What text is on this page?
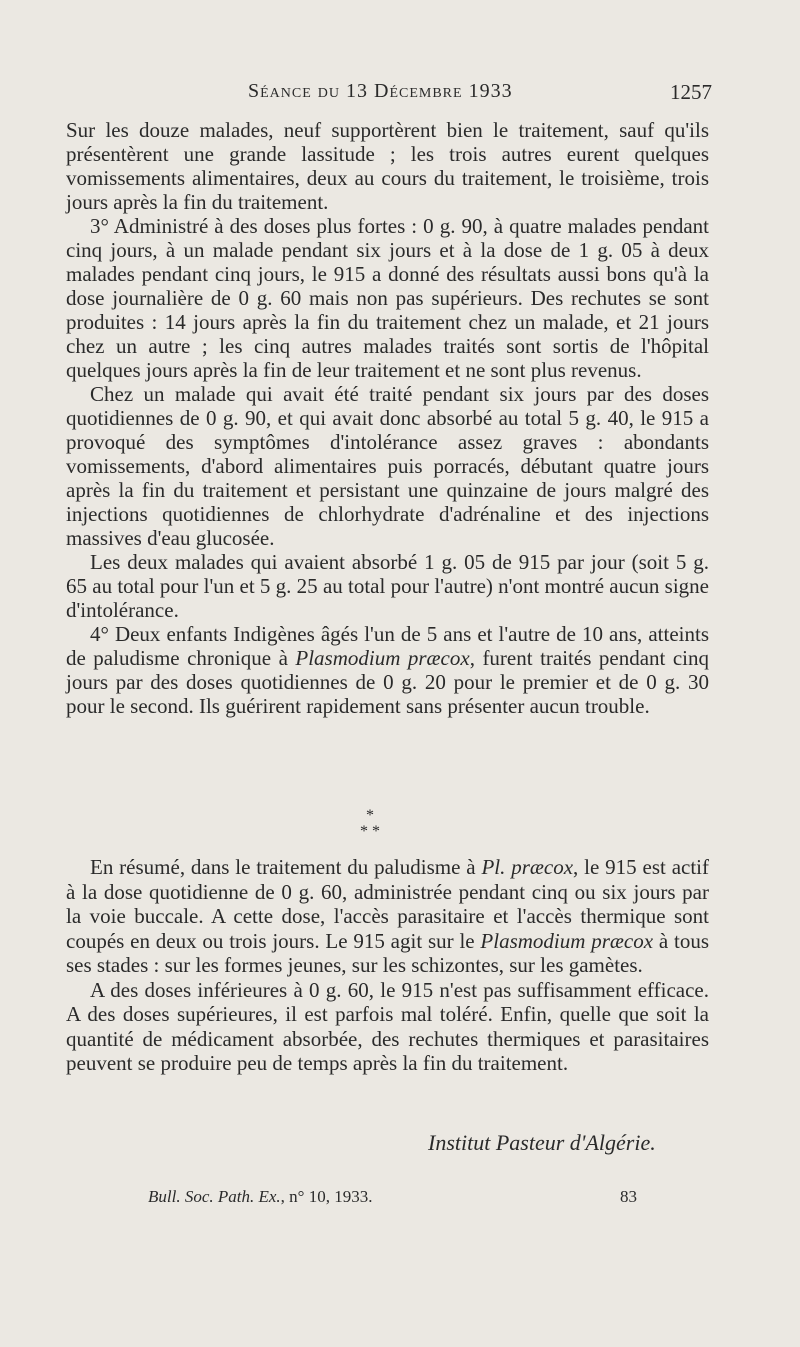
Séance du 13 Décembre 1933	1257

Sur les douze malades, neuf supportèrent bien le traitement, sauf qu'ils présentèrent une grande lassitude ; les trois autres eurent quelques vomissements alimentaires, deux au cours du traitement, le troisième, trois jours après la fin du traitement.

3° Administré à des doses plus fortes : 0 g. 90, à quatre malades pendant cinq jours, à un malade pendant six jours et à la dose de 1 g. 05 à deux malades pendant cinq jours, le 915 a donné des résultats aussi bons qu'à la dose journalière de 0 g. 60 mais non pas supérieurs. Des rechutes se sont produites : 14 jours après la fin du traitement chez un malade, et 21 jours chez un autre ; les cinq autres malades traités sont sortis de l'hôpital quelques jours après la fin de leur traitement et ne sont plus revenus.

Chez un malade qui avait été traité pendant six jours par des doses quotidiennes de 0 g. 90, et qui avait donc absorbé au total 5 g. 40, le 915 a provoqué des symptômes d'intolérance assez graves : abondants vomissements, d'abord alimentaires puis porracés, débutant quatre jours après la fin du traitement et persistant une quinzaine de jours malgré des injections quotidiennes de chlorhydrate d'adrénaline et des injections massives d'eau glucosée.

Les deux malades qui avaient absorbé 1 g. 05 de 915 par jour (soit 5 g. 65 au total pour l'un et 5 g. 25 au total pour l'autre) n'ont montré aucun signe d'intolérance.

4° Deux enfants Indigènes âgés l'un de 5 ans et l'autre de 10 ans, atteints de paludisme chronique à Plasmodium præcox, furent traités pendant cinq jours par des doses quotidiennes de 0 g. 20 pour le premier et de 0 g. 30 pour le second. Ils guérirent rapidement sans présenter aucun trouble.

*
* *

En résumé, dans le traitement du paludisme à Pl. præcox, le 915 est actif à la dose quotidienne de 0 g. 60, administrée pendant cinq ou six jours par la voie buccale. A cette dose, l'accès parasitaire et l'accès thermique sont coupés en deux ou trois jours. Le 915 agit sur le Plasmodium præcox à tous ses stades : sur les formes jeunes, sur les schizontes, sur les gamètes.

A des doses inférieures à 0 g. 60, le 915 n'est pas suffisamment efficace. A des doses supérieures, il est parfois mal toléré. Enfin, quelle que soit la quantité de médicament absorbée, des rechutes thermiques et parasitaires peuvent se produire peu de temps après la fin du traitement.

Institut Pasteur d'Algérie.
Bull. Soc. Path. Ex., n° 10, 1933.	83
